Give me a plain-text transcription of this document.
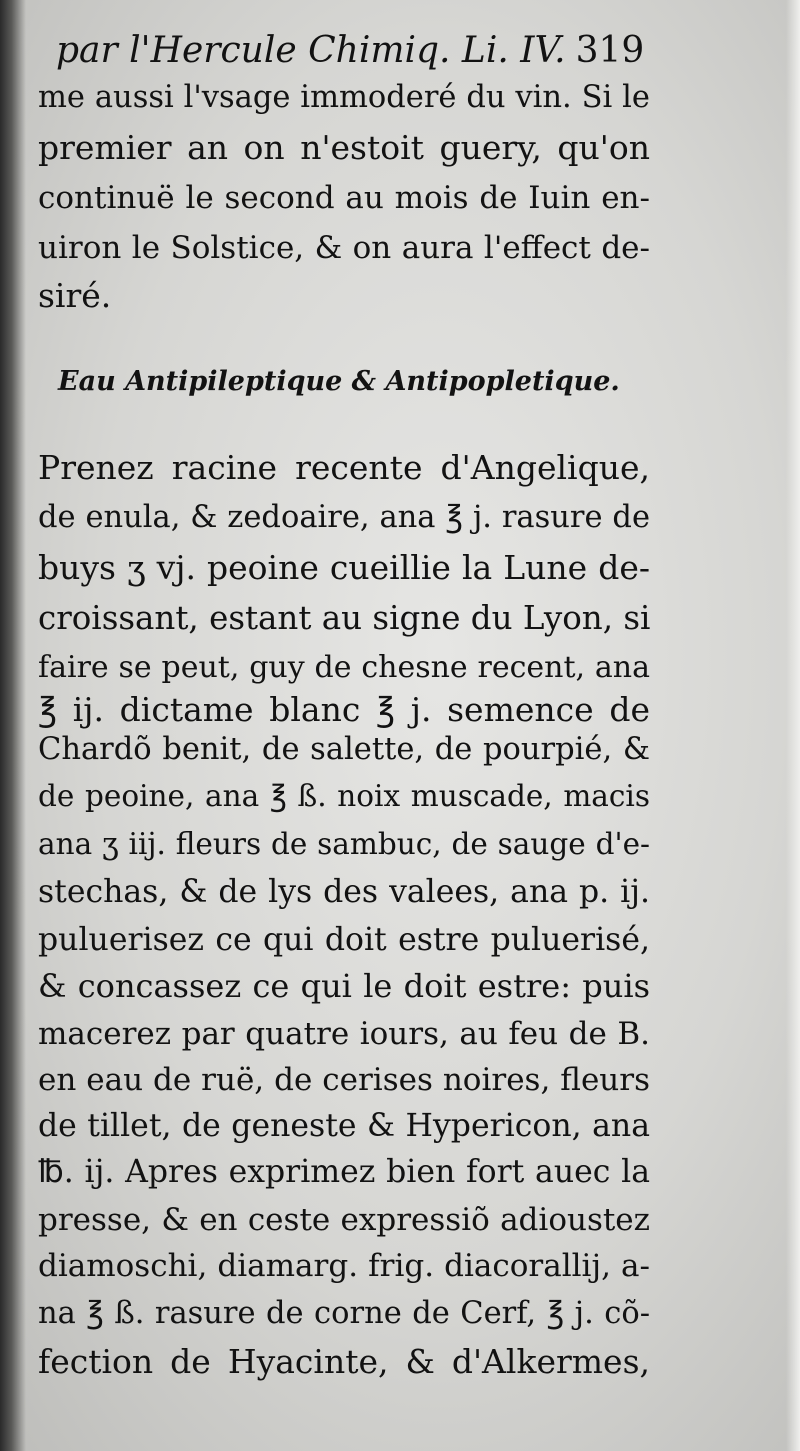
par l'Hercule Chimiq. Li. IV. 319
me aussi l'vsage immoderé du vin. Si le
premier an on n'estoit guery, qu'on
continuë le second au mois de Iuin en-
uiron le Solstice, & on aura l'effect de-
siré.
Eau Antipileptique & Antipopletique.
Prenez racine recente d'Angelique,
de enula, & zedoaire, ana ℥ j. rasure de
buys ʒ vj. peoine cueillie la Lune de-
croissant, estant au signe du Lyon, si
faire se peut, guy de chesne recent, ana
℥ ij. dictame blanc ℥ j. semence de
Chardõ benit, de salette, de pourpié, &
de peoine, ana ℥ ß. noix muscade, macis
ana ʒ iij. fleurs de sambuc, de sauge d'e-
stechas, & de lys des valees, ana p. ij.
puluerisez ce qui doit estre puluerisé,
& concassez ce qui le doit estre: puis
macerez par quatre iours, au feu de B.
en eau de ruë, de cerises noires, fleurs
de tillet, de geneste & Hypericon, ana
℔. ij. Apres exprimez bien fort auec la
presse, & en ceste expressiõ adioustez
diamoschi, diamarg. frig. diacorallij, a-
na ℥ ß. rasure de corne de Cerf, ℥ j. cõ-
fection de Hyacinte, & d'Alkermes,
